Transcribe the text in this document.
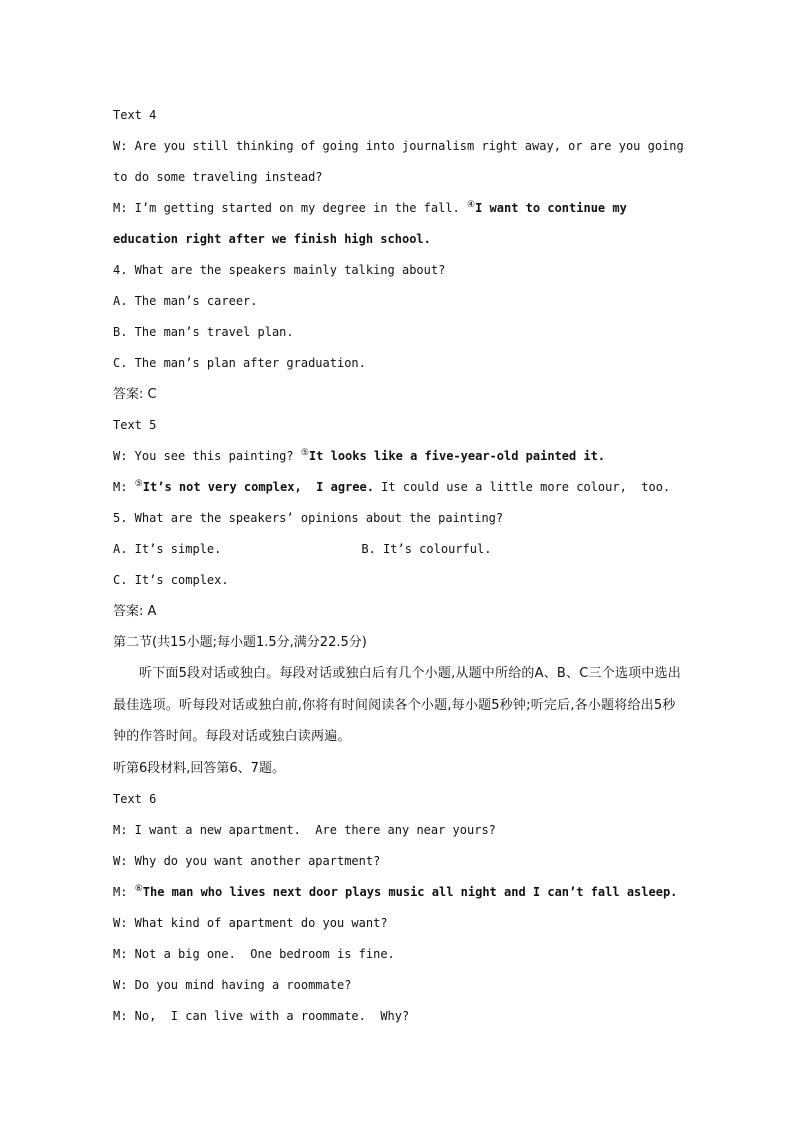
Text 4
W: Are you still thinking of going into journalism right away, or are you going to do some traveling instead?
M: I’m getting started on my degree in the fall. ④I want to continue my education right after we finish high school.
4. What are the speakers mainly talking about?
A. The man’s career.
B. The man’s travel plan.
C. The man’s plan after graduation.
答案: C
Text 5
W: You see this painting? ⑤It looks like a five-year-old painted it.
M: ⑤It’s not very complex,  I agree. It could use a little more colour,  too.
5. What are the speakers’ opinions about the painting?
A. It’s simple.	B. It’s colourful.
C. It’s complex.
答案: A
第二节(共15小题;每小题1.5分,满分22.5分)
听下面5段对话或独白。每段对话或独白后有几个小题,从题中所给的A、B、C三个选项中选出最佳选项。听每段对话或独白前,你将有时间阅读各个小题,每小题5秒钟;听完后,各小题将给出5秒钟的作答时间。每段对话或独白读两遍。
听第6段材料,回答第6、7题。
Text 6
M: I want a new apartment.  Are there any near yours?
W: Why do you want another apartment?
M: ⑥The man who lives next door plays music all night and I can’t fall asleep.
W: What kind of apartment do you want?
M: Not a big one.  One bedroom is fine.
W: Do you mind having a roommate?
M: No,  I can live with a roommate.  Why?
